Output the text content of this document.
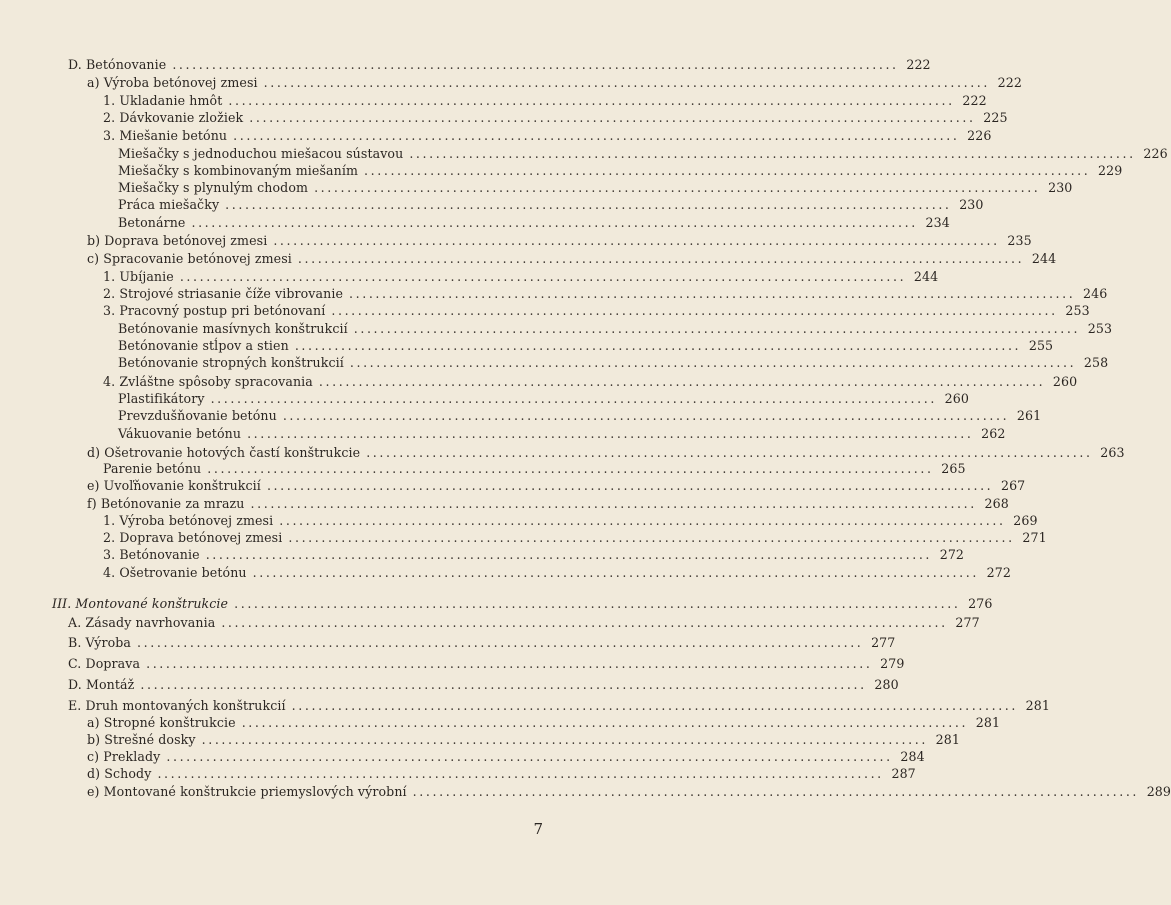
D. Betónovanie .............................................................................................................. 222
a) Výroba betónovej zmesi .............................................................................................................. 222
1. Ukladanie hmôt .............................................................................................................. 222
2. Dávkovanie zložiek .............................................................................................................. 225
3. Miešanie betónu .............................................................................................................. 226
Miešačky s jednoduchou miešacou sústavou .............................................................................................................. 226
Miešačky s kombinovaným miešaním .............................................................................................................. 229
Miešačky s plynulým chodom .............................................................................................................. 230
Práca miešačky .............................................................................................................. 230
Betonárne .............................................................................................................. 234
b) Doprava betónovej zmesi .............................................................................................................. 235
c) Spracovanie betónovej zmesi .............................................................................................................. 244
1. Ubíjanie .............................................................................................................. 244
2. Strojové striasanie číže vibrovanie .............................................................................................................. 246
3. Pracovný postup pri betónovaní .............................................................................................................. 253
Betónovanie masívnych konštrukcií .............................................................................................................. 253
Betónovanie stĺpov a stien .............................................................................................................. 255
Betónovanie stropných konštrukcií .............................................................................................................. 258
4. Zvláštne spôsoby spracovania .............................................................................................................. 260
Plastifikátory .............................................................................................................. 260
Prevzdušňovanie betónu .............................................................................................................. 261
Vákuovanie betónu .............................................................................................................. 262
d) Ošetrovanie hotových častí konštrukcie .............................................................................................................. 263
Parenie betónu .............................................................................................................. 265
e) Uvoľňovanie konštrukcií .............................................................................................................. 267
f) Betónovanie za mrazu .............................................................................................................. 268
1. Výroba betónovej zmesi .............................................................................................................. 269
2. Doprava betónovej zmesi .............................................................................................................. 271
3. Betónovanie .............................................................................................................. 272
4. Ošetrovanie betónu .............................................................................................................. 272
III. Montované konštrukcie .............................................................................................................. 276
A. Zásady navrhovania .............................................................................................................. 277
B. Výroba .............................................................................................................. 277
C. Doprava .............................................................................................................. 279
D. Montáž .............................................................................................................. 280
E. Druh montovaných konštrukcií .............................................................................................................. 281
a) Stropné konštrukcie .............................................................................................................. 281
b) Strešné dosky .............................................................................................................. 281
c) Preklady .............................................................................................................. 284
d) Schody .............................................................................................................. 287
e) Montované konštrukcie priemyslových výrobní .............................................................................................................. 289
7
